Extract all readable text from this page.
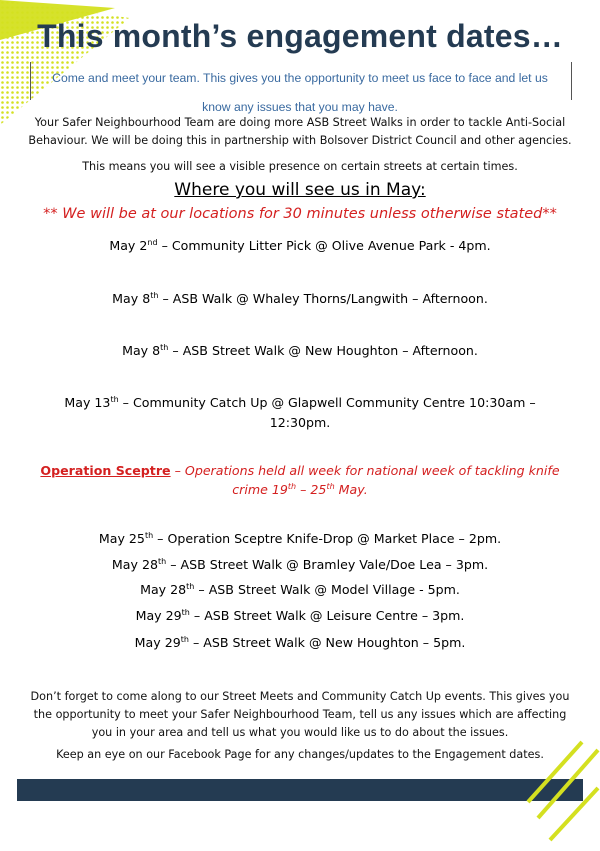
This month’s engagement dates…
Come and meet your team. This gives you the opportunity to meet us face to face and let us
know any issues that you may have.
Your Safer Neighbourhood Team are doing more ASB Street Walks in order to tackle Anti-Social
Behaviour. We will be doing this in partnership with Bolsover District Council and other agencies.
This means you will see a visible presence on certain streets at certain times.
Where you will see us in May:
** We will be at our locations for 30 minutes unless otherwise stated**
May 2nd – Community Litter Pick @ Olive Avenue Park - 4pm.
May 8th – ASB Walk @ Whaley Thorns/Langwith – Afternoon.
May 8th – ASB Street Walk @ New Houghton – Afternoon.
May 13th – Community Catch Up @ Glapwell Community Centre 10:30am –
12:30pm.
Operation Sceptre – Operations held all week for national week of tackling knife
crime 19th – 25th May.
May 25th – Operation Sceptre Knife-Drop @ Market Place – 2pm.
May 28th – ASB Street Walk @ Bramley Vale/Doe Lea – 3pm.
May 28th – ASB Street Walk @ Model Village - 5pm.
May 29th – ASB Street Walk @ Leisure Centre – 3pm.
May 29th – ASB Street Walk @ New Houghton – 5pm.
Don’t forget to come along to our Street Meets and Community Catch Up events. This gives you
the opportunity to meet your Safer Neighbourhood Team, tell us any issues which are affecting
you in your area and tell us what you would like us to do about the issues.
Keep an eye on our Facebook Page for any changes/updates to the Engagement dates.
